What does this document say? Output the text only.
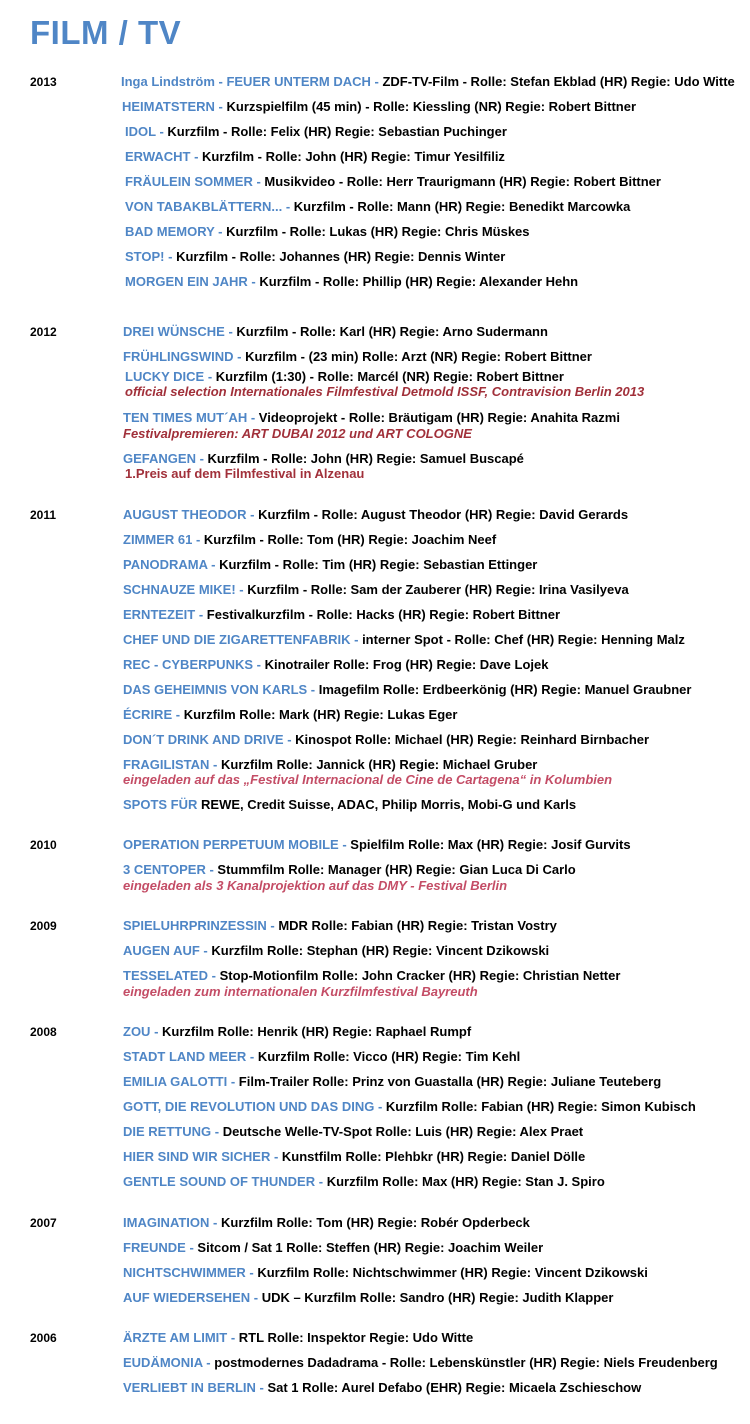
FILM / TV
2013	Inga Lindström - FEUER UNTERM DACH - ZDF-TV-Film - Rolle: Stefan Ekblad (HR) Regie: Udo Witte
HEIMATSTERN - Kurzspielfilm (45 min) - Rolle: Kiessling (NR) Regie: Robert Bittner
IDOL - Kurzfilm - Rolle: Felix (HR) Regie: Sebastian Puchinger
ERWACHT - Kurzfilm - Rolle: John (HR) Regie: Timur Yesilfiliz
FRÄULEIN SOMMER - Musikvideo - Rolle: Herr Traurigmann (HR) Regie: Robert Bittner
VON TABAKBLÄTTERN... - Kurzfilm - Rolle: Mann (HR) Regie: Benedikt Marcowka
BAD MEMORY - Kurzfilm - Rolle: Lukas (HR) Regie: Chris Müskes
STOP! - Kurzfilm - Rolle: Johannes (HR) Regie: Dennis Winter
MORGEN EIN JAHR - Kurzfilm - Rolle: Phillip (HR) Regie: Alexander Hehn
2012	DREI WÜNSCHE - Kurzfilm - Rolle: Karl (HR) Regie: Arno Sudermann
FRÜHLINGSWIND - Kurzfilm - (23 min) Rolle: Arzt (NR) Regie: Robert Bittner
LUCKY DICE - Kurzfilm (1:30) - Rolle: Marcél (NR) Regie: Robert Bittner
official selection Internationales Filmfestival Detmold ISSF, Contravision Berlin 2013
TEN TIMES MUT´AH - Videoprojekt - Rolle: Bräutigam (HR) Regie: Anahita Razmi
Festivalpremieren: ART DUBAI 2012 und ART COLOGNE
GEFANGEN - Kurzfilm - Rolle: John (HR) Regie: Samuel Buscapé
1.Preis auf dem Filmfestival in Alzenau
2011	AUGUST THEODOR - Kurzfilm - Rolle: August Theodor (HR) Regie: David Gerards
ZIMMER 61 - Kurzfilm - Rolle: Tom (HR) Regie: Joachim Neef
PANODRAMA - Kurzfilm - Rolle: Tim (HR) Regie: Sebastian Ettinger
SCHNAUZE MIKE! - Kurzfilm - Rolle: Sam der Zauberer (HR) Regie: Irina Vasilyeva
ERNTEZEIT - Festivalkurzfilm - Rolle: Hacks (HR) Regie: Robert Bittner
CHEF UND DIE ZIGARETTENFABRIK - interner Spot - Rolle: Chef (HR) Regie: Henning Malz
REC - CYBERPUNKS - Kinotrailer Rolle: Frog (HR) Regie: Dave Lojek
DAS GEHEIMNIS VON KARLS - Imagefilm Rolle: Erdbeerkönig (HR) Regie: Manuel Graubner
ÉCRIRE - Kurzfilm Rolle: Mark (HR) Regie: Lukas Eger
DON´T DRINK AND DRIVE - Kinospot Rolle: Michael (HR) Regie: Reinhard Birnbacher
FRAGILISTAN - Kurzfilm Rolle: Jannick (HR) Regie: Michael Gruber
eingeladen auf das „Festival Internacional de Cine de Cartagena“ in Kolumbien
SPOTS FÜR REWE, Credit Suisse, ADAC, Philip Morris, Mobi-G und Karls
2010	OPERATION PERPETUUM MOBILE - Spielfilm Rolle: Max (HR) Regie: Josif Gurvits
3 CENTOPER - Stummfilm Rolle: Manager (HR) Regie: Gian Luca Di Carlo
eingeladen als 3 Kanalprojektion auf das DMY - Festival Berlin
2009	SPIELUHRPRINZESSIN - MDR Rolle: Fabian (HR) Regie: Tristan Vostry
AUGEN AUF - Kurzfilm Rolle: Stephan (HR) Regie: Vincent Dzikowski
TESSELATED - Stop-Motionfilm Rolle: John Cracker (HR) Regie: Christian Netter
eingeladen zum internationalen Kurzfilmfestival Bayreuth
2008	ZOU - Kurzfilm Rolle: Henrik (HR) Regie: Raphael Rumpf
STADT LAND MEER - Kurzfilm Rolle: Vicco (HR) Regie: Tim Kehl
EMILIA GALOTTI - Film-Trailer Rolle: Prinz von Guastalla (HR) Regie: Juliane Teuteberg
GOTT, DIE REVOLUTION UND DAS DING - Kurzfilm Rolle: Fabian (HR) Regie: Simon Kubisch
DIE RETTUNG - Deutsche Welle-TV-Spot Rolle: Luis (HR) Regie: Alex Praet
HIER SIND WIR SICHER - Kunstfilm Rolle: Plehbkr (HR) Regie: Daniel Dölle
GENTLE SOUND OF THUNDER - Kurzfilm Rolle: Max (HR) Regie: Stan J. Spiro
2007	IMAGINATION - Kurzfilm Rolle: Tom (HR) Regie: Robér Opderbeck
FREUNDE - Sitcom / Sat 1 Rolle: Steffen (HR) Regie: Joachim Weiler
NICHTSCHWIMMER - Kurzfilm Rolle: Nichtschwimmer (HR) Regie: Vincent Dzikowski
AUF WIEDERSEHEN - UDK – Kurzfilm Rolle: Sandro (HR) Regie: Judith Klapper
2006	ÄRZTE AM LIMIT - RTL Rolle: Inspektor Regie: Udo Witte
EUDÄMONIA - postmodernes Dadadrama - Rolle: Lebenskünstler (HR) Regie: Niels Freudenberg
VERLIEBT IN BERLIN - Sat 1 Rolle: Aurel Defabo (EHR) Regie: Micaela Zschieschow
